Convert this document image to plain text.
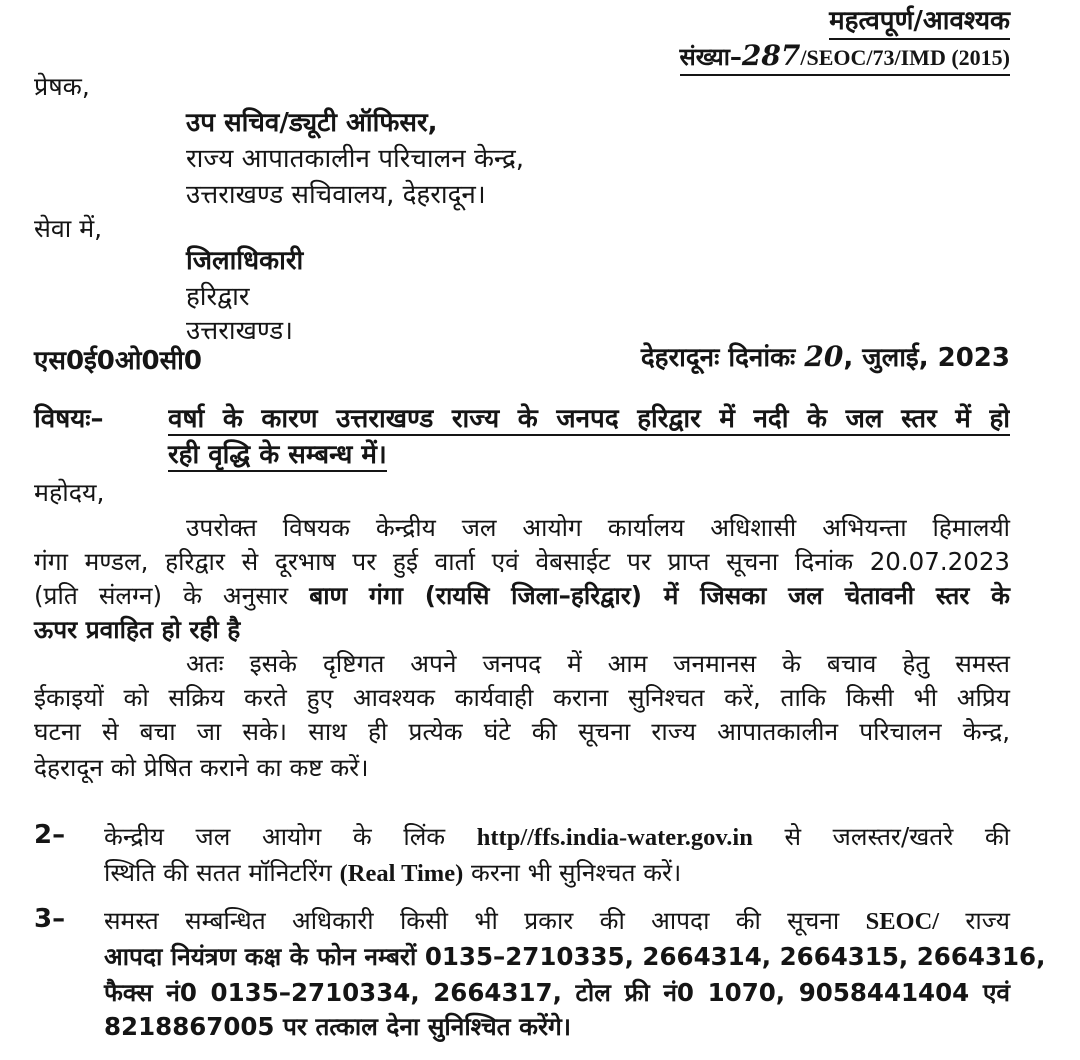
महत्वपूर्ण/आवश्यक
संख्या–287/SEOC/73/IMD (2015)
प्रेषक,
उप सचिव/ड्यूटी ऑफिसर,
राज्य आपातकालीन परिचालन केन्द्र,
उत्तराखण्ड सचिवालय, देहरादून।
सेवा में,
जिलाधिकारी
हरिद्वार
उत्तराखण्ड।
एस0ई0ओ0सी0	देहरादूनः दिनांकः 20, जुलाई, 2023
विषयः– वर्षा के कारण उत्तराखण्ड राज्य के जनपद हरिद्वार में नदी के जल स्तर में हो
रही वृद्धि के सम्बन्ध में।
महोदय,
उपरोक्त विषयक केन्द्रीय जल आयोग कार्यालय अधिशासी अभियन्ता हिमालयी
गंगा मण्डल, हरिद्वार से दूरभाष पर हुई वार्ता एवं वेबसाईट पर प्राप्त सूचना दिनांक 20.07.2023
(प्रति संलग्न) के अनुसार बाण गंगा (रायसि जिला–हरिद्वार) में जिसका जल चेतावनी स्तर के
ऊपर प्रवाहित हो रही है
अतः इसके दृष्टिगत अपने जनपद में आम जनमानस के बचाव हेतु समस्त
ईकाइयों को सक्रिय करते हुए आवश्यक कार्यवाही कराना सुनिश्चत करें, ताकि किसी भी अप्रिय
घटना से बचा जा सके। साथ ही प्रत्येक घंटे की सूचना राज्य आपातकालीन परिचालन केन्द्र,
देहरादून को प्रेषित कराने का कष्ट करें।
2–	केन्द्रीय जल आयोग के लिंक http//ffs.india-water.gov.in से जलस्तर/खतरे की
स्थिति की सतत मॉनिटरिंग (Real Time) करना भी सुनिश्चत करें।
3–	समस्त सम्बन्धित अधिकारी किसी भी प्रकार की आपदा की सूचना SEOC/ राज्य
आपदा नियंत्रण कक्ष के फोन नम्बरों 0135–2710335, 2664314, 2664315, 2664316,
फैक्स नं0 0135–2710334, 2664317, टोल फ्री नं0 1070, 9058441404 एवं
8218867005 पर तत्काल देना सुनिश्चित करेंगे।
